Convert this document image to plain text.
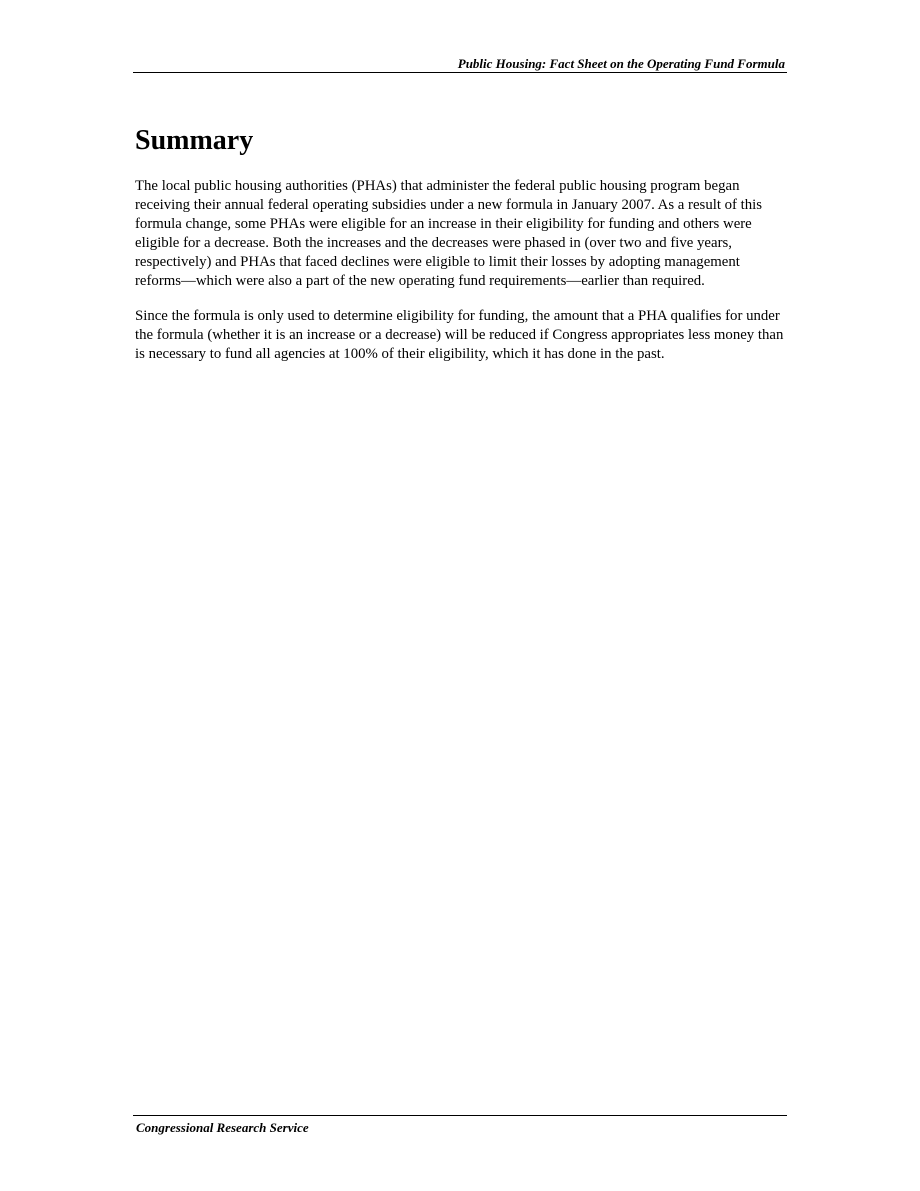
Public Housing: Fact Sheet on the Operating Fund Formula
Summary

The local public housing authorities (PHAs) that administer the federal public housing program began receiving their annual federal operating subsidies under a new formula in January 2007. As a result of this formula change, some PHAs were eligible for an increase in their eligibility for funding and others were eligible for a decrease. Both the increases and the decreases were phased in (over two and five years, respectively) and PHAs that faced declines were eligible to limit their losses by adopting management reforms—which were also a part of the new operating fund requirements—earlier than required.

Since the formula is only used to determine eligibility for funding, the amount that a PHA qualifies for under the formula (whether it is an increase or a decrease) will be reduced if Congress appropriates less money than is necessary to fund all agencies at 100% of their eligibility, which it has done in the past.

Congressional Research Service
